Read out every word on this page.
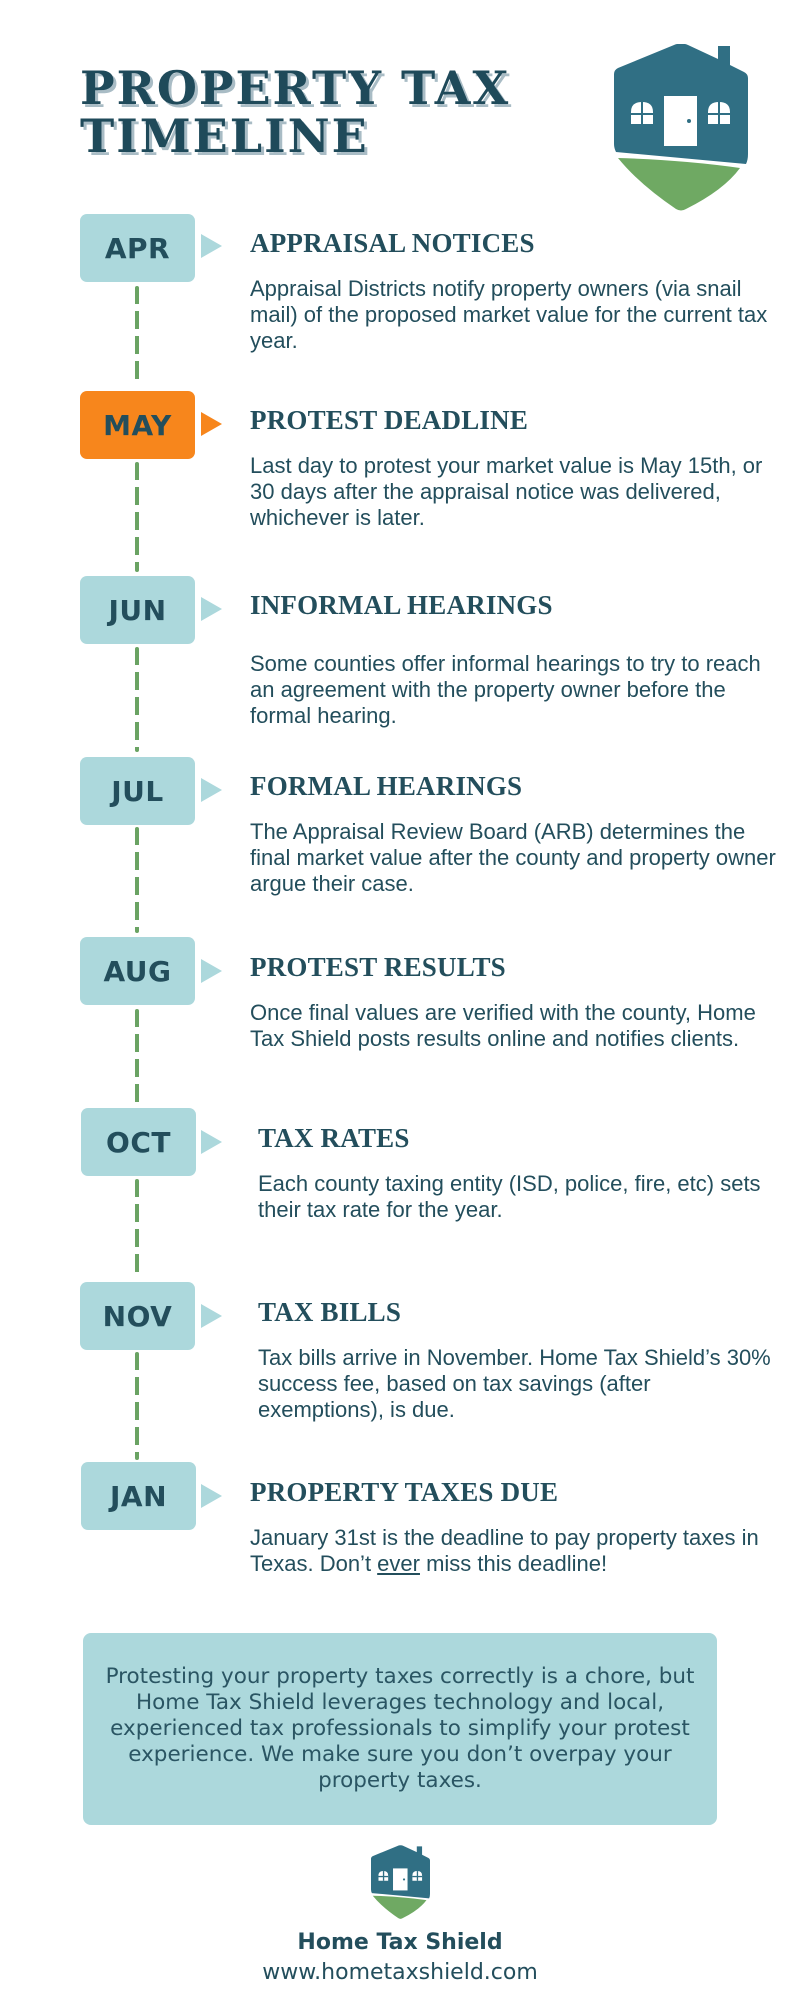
PROPERTY TAX
TIMELINE
APR	APPRAISAL NOTICES

Appraisal Districts notify property owners (via snail mail) of the proposed market value for the current tax year.

MAY	PROTEST DEADLINE

Last day to protest your market value is May 15th, or 30 days after the appraisal notice was delivered, whichever is later.

JUN	INFORMAL HEARINGS

Some counties offer informal hearings to try to reach an agreement with the property owner before the formal hearing.

JUL	FORMAL HEARINGS

The Appraisal Review Board (ARB) determines the final market value after the county and property owner argue their case.

AUG	PROTEST RESULTS

Once final values are verified with the county, Home Tax Shield posts results online and notifies clients.

OCT	TAX RATES

Each county taxing entity (ISD, police, fire, etc) sets their tax rate for the year.

NOV	TAX BILLS

Tax bills arrive in November. Home Tax Shield’s 30% success fee, based on tax savings (after exemptions), is due.

JAN	PROPERTY TAXES DUE

January 31st is the deadline to pay property taxes in Texas. Don’t ever miss this deadline!

Protesting your property taxes correctly is a chore, but Home Tax Shield leverages technology and local, experienced tax professionals to simplify your protest experience. We make sure you don’t overpay your property taxes.

Home Tax Shield
www.hometaxshield.com
